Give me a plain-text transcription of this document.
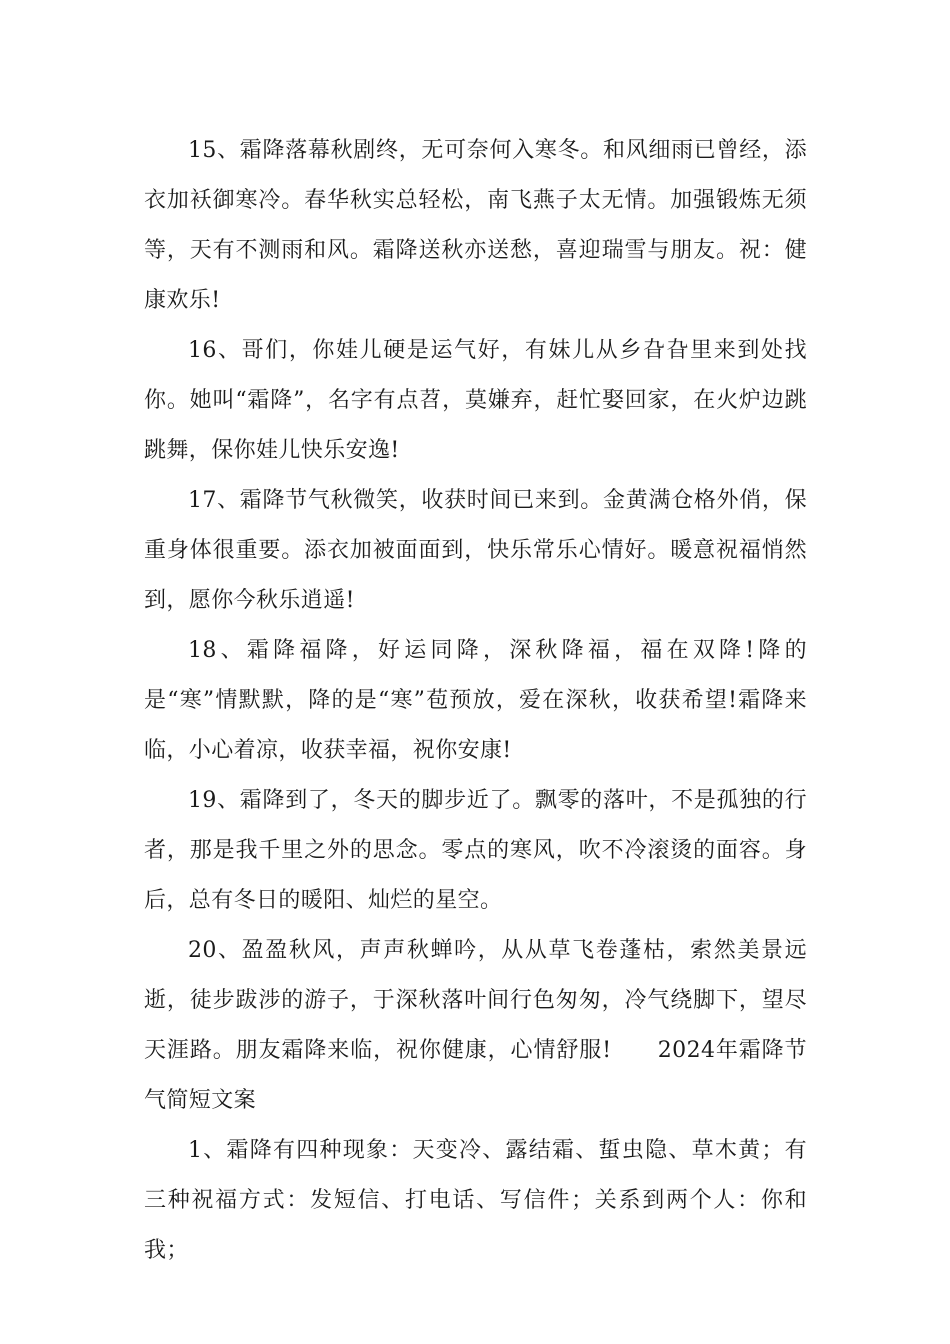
15、霜降落幕秋剧终，无可奈何入寒冬。和风细雨已曾经，添衣加袄御寒冷。春华秋实总轻松，南飞燕子太无情。加强锻炼无须等，天有不测雨和风。霜降送秋亦送愁，喜迎瑞雪与朋友。祝：健康欢乐!

16、哥们，你娃儿硬是运气好，有妹儿从乡旮旮里来到处找你。她叫“霜降”，名字有点苕，莫嫌弃，赶忙娶回家，在火炉边跳跳舞，保你娃儿快乐安逸!

17、霜降节气秋微笑，收获时间已来到。金黄满仓格外俏，保重身体很重要。添衣加被面面到，快乐常乐心情好。暖意祝福悄然到，愿你今秋乐逍遥!

18、霜降福降，好运同降，深秋降福，福在双降!降的是“寒”情默默，降的是“寒”苞预放，爱在深秋，收获希望!霜降来临，小心着凉，收获幸福，祝你安康!

19、霜降到了，冬天的脚步近了。飘零的落叶，不是孤独的行者，那是我千里之外的思念。零点的寒风，吹不冷滚烫的面容。身后，总有冬日的暖阳、灿烂的星空。

20、盈盈秋风，声声秋蝉吟，从从草飞卷蓬枯，索然美景远逝，徒步跋涉的游子，于深秋落叶间行色匆匆，冷气绕脚下，望尽天涯路。朋友霜降来临，祝你健康，心情舒服!　　2024年霜降节气简短文案

1、霜降有四种现象：天变冷、露结霜、蜇虫隐、草木黄；有三种祝福方式：发短信、打电话、写信件；关系到两个人：你和我；
